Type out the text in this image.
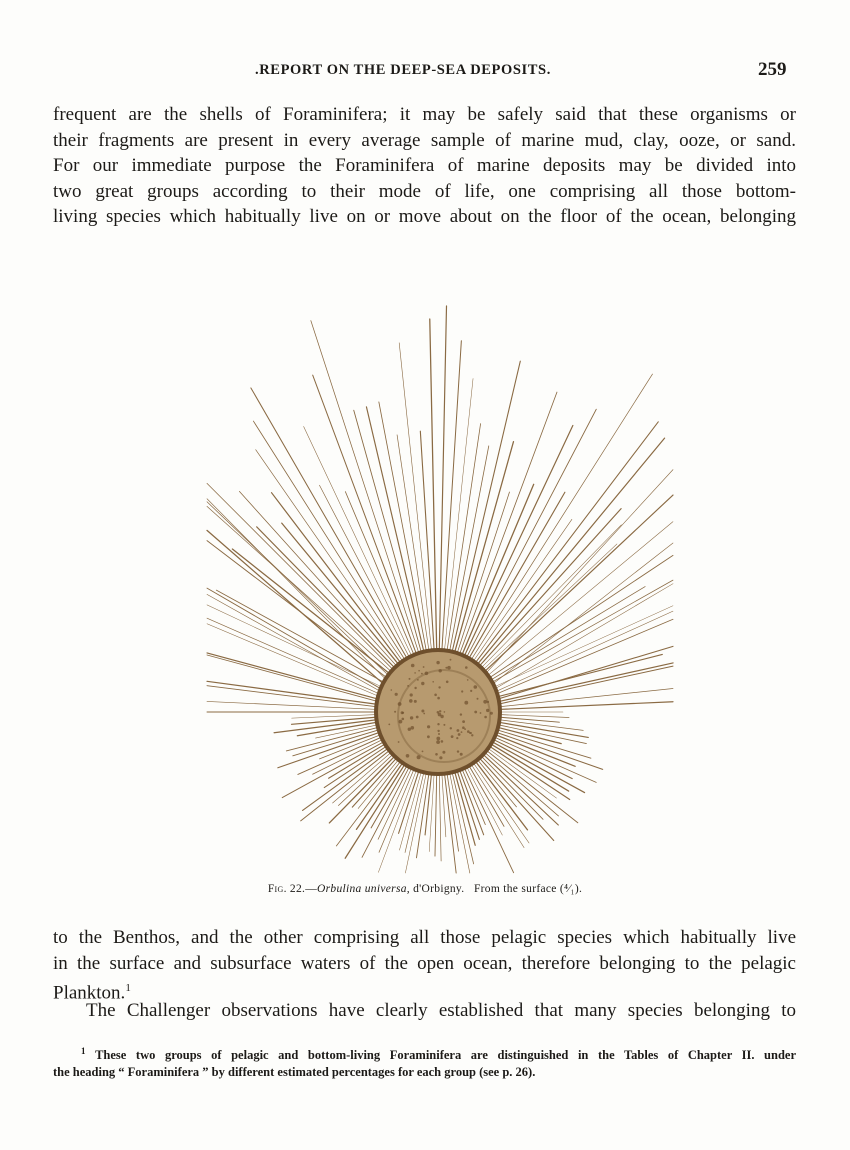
.REPORT ON THE DEEP-SEA DEPOSITS.	259
frequent are the shells of Foraminifera; it may be safely said that these organisms or
their fragments are present in every average sample of marine mud, clay, ooze, or sand.
For our immediate purpose the Foraminifera of marine deposits may be divided into
two great groups according to their mode of life, one comprising all those bottom-
living species which habitually live on or move about on the floor of the ocean, belonging
Fig. 22.—Orbulina universa, d'Orbigny. From the surface (⁴⁄₁).
to the Benthos, and the other comprising all those pelagic species which habitually live
in the surface and subsurface waters of the open ocean, therefore belonging to the pelagic
Plankton.$^1$
The Challenger observations have clearly established that many species belonging to
$^1$ These two groups of pelagic and bottom-living Foraminifera are distinguished in the Tables of Chapter II. under
the heading “ Foraminifera ” by different estimated percentages for each group (see p. 26).
